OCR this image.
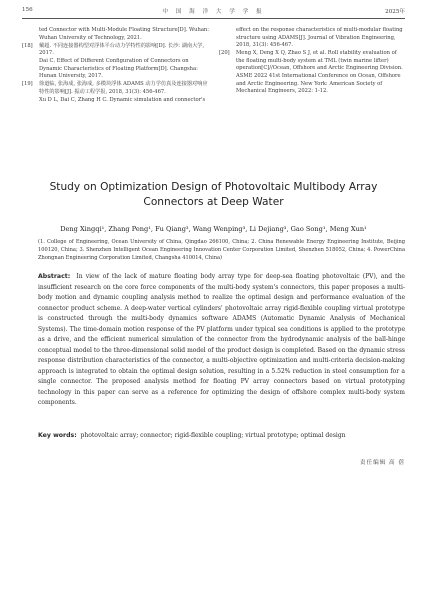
156	中 国 海 洋 大 学 学 报	2025年
ted Connector with Multi-Module Floating Structure[D]. Wuhan: Wuhan University of Technology, 2021.
[18] 戴超. 不同连接器构型对浮体平台动力学特性的影响[D]. 长沙: 湖南大学, 2017.
Dai C. Effect of Different Configuration of Connectors on Dynamic Characteristics of Floating Platform[D]. Changsha: Hunan University, 2017.
[19] 徐道临, 张海成, 张海成, 多模块浮体 ADAMS 动力学仿真及连接器对响应特性的影响[J]. 振动工程学报, 2018, 31(3): 456-467.
Xu D L, Dai C, Zhang H C. Dynamic simulation and connector's
effect on the response characteristics of multi-modular floating structure using ADAMS[J]. Journal of Vibration Engineering, 2018, 31(3): 456-467.
[20] Meng X, Deng X Q, Zhao S J, et al. Roll stability evaluation of the floating multi-body system at TML (twin marine lifter) operation[C]//Ocean, Offshore and Arctic Engineering Division. ASME 2022 41st International Conference on Ocean, Offshore and Arctic Engineering. New York: American Society of Mechanical Engineers, 2022: 1-12.
Study on Optimization Design of Photovoltaic Multibody Array
Connectors at Deep Water
Deng Xingqi¹, Zhang Peng¹, Fu Qiang³, Wang Wenping³, Li Dejiang³, Gao Song¹, Meng Xun¹
(1. College of Engineering, Ocean University of China, Qingdao 266100, China; 2. China Renewable Energy Engineering Institute, Beijing 100120, China; 3. Shenzhen Intelligent Ocean Engineering Innovation Center Corporation Limited, Shenzhen 518052, China; 4. PowerChina Zhongnan Engineering Corporation Limited, Changsha 410014, China)
Abstract: In view of the lack of mature floating body array type for deep-sea floating photovoltaic (PV), and the insufficient research on the core force components of the multi-body system's connectors, this paper proposes a multi-body motion and dynamic coupling analysis method to realize the optimal design and performance evaluation of the connector product scheme. A deep-water vertical cylinders' photovoltaic array rigid-flexible coupling virtual prototype is constructed through the multi-body dynamics software ADAMS (Automatic Dynamic Analysis of Mechanical Systems). The time-domain motion response of the PV platform under typical sea conditions is applied to the prototype as a drive, and the efficient numerical simulation of the connector from the hydrodynamic analysis of the ball-hinge conceptual model to the three-dimensional solid model of the product design is completed. Based on the dynamic stress response distribution characteristics of the connector, a multi-objective optimization and multi-criteria decision-making approach is integrated to obtain the optimal design solution, resulting in a 5.52% reduction in steel consumption for a single connector. The proposed analysis method for floating PV array connectors based on virtual prototyping technology in this paper can serve as a reference for optimizing the design of offshore complex multi-body system components.
Key words: photovoltaic array; connector; rigid-flexible coupling; virtual prototype; optimal design
责任编辑 高 蓓
